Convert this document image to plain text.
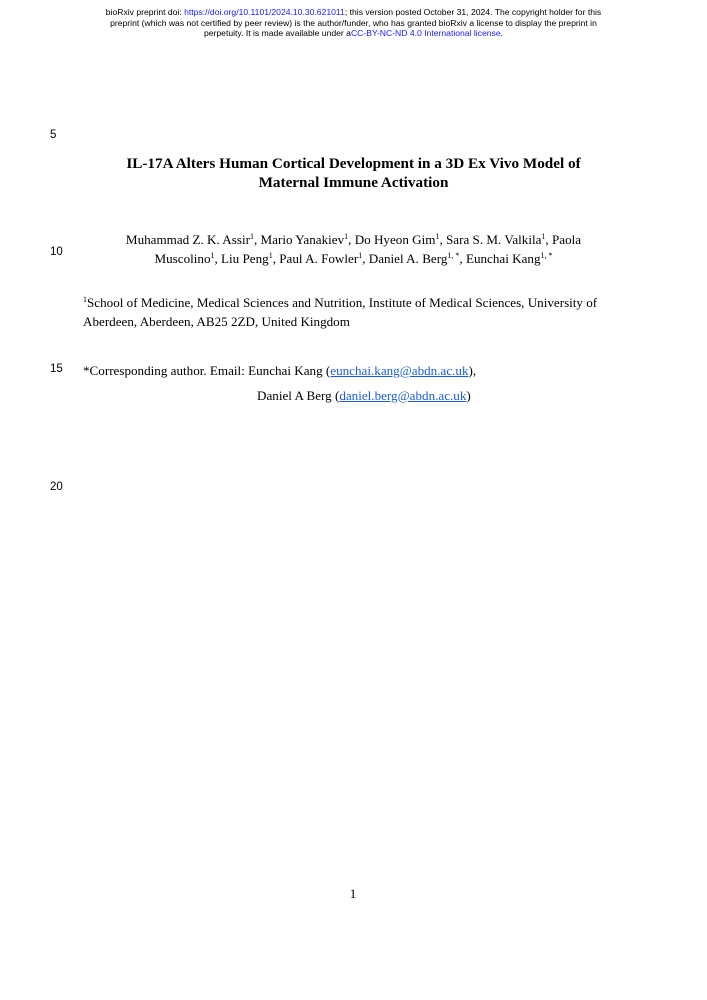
bioRxiv preprint doi: https://doi.org/10.1101/2024.10.30.621011; this version posted October 31, 2024. The copyright holder for this
preprint (which was not certified by peer review) is the author/funder, who has granted bioRxiv a license to display the preprint in
perpetuity. It is made available under aCC-BY-NC-ND 4.0 International license.
5
10
15
20
IL-17A Alters Human Cortical Development in a 3D Ex Vivo Model of
Maternal Immune Activation
Muhammad Z. K. Assir$^1$, Mario Yanakiev$^1$, Do Hyeon Gim$^1$, Sara S. M. Valkila$^1$, Paola
Muscolino$^1$, Liu Peng$^1$, Paul A. Fowler$^1$, Daniel A. Berg$^{1, *}$, Eunchai Kang$^{1, *}$
$^1$School of Medicine, Medical Sciences and Nutrition, Institute of Medical Sciences, University of Aberdeen, Aberdeen, AB25 2ZD, United Kingdom
*Corresponding author. Email: Eunchai Kang (eunchai.kang@abdn.ac.uk),
Daniel A Berg (daniel.berg@abdn.ac.uk)
1
